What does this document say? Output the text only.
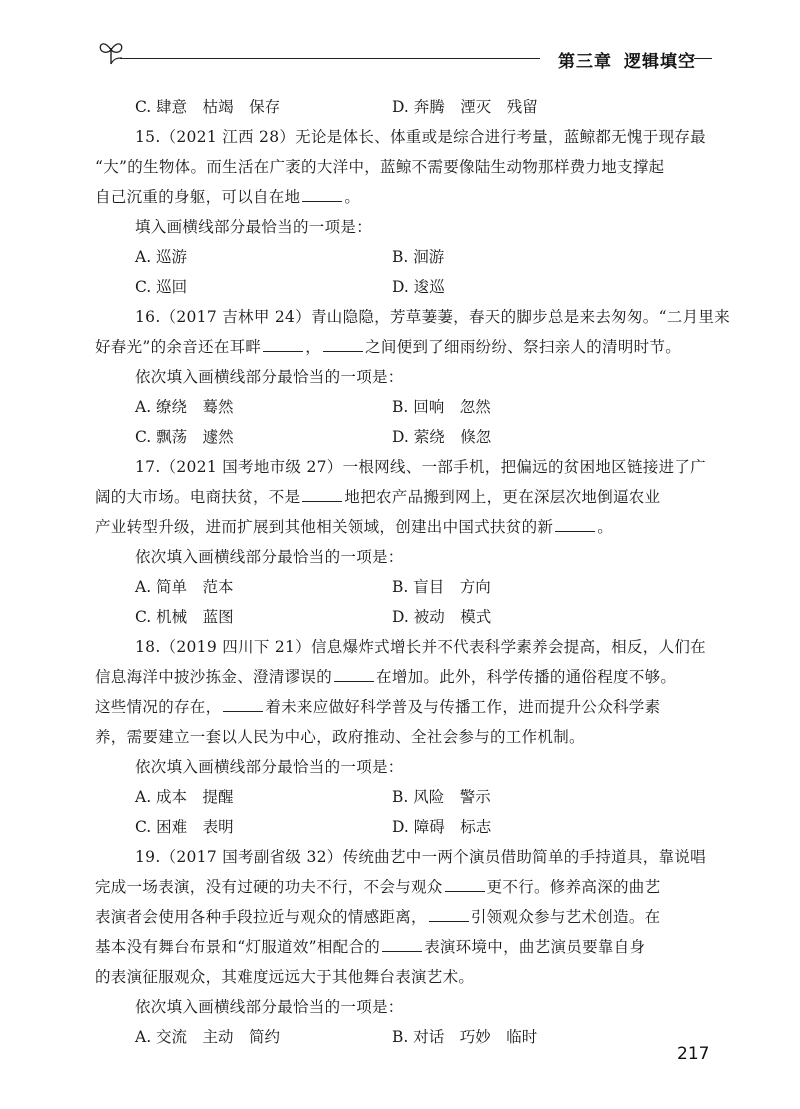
第三章 逻辑填空
C. 肆意　枯竭　保存	D. 奔腾　湮灭　残留
15.（2021 江西 28）无论是体长、体重或是综合进行考量，蓝鲸都无愧于现存最
“大”的生物体。而生活在广袤的大洋中，蓝鲸不需要像陆生动物那样费力地支撑起
自己沉重的身躯，可以自在地	。
填入画横线部分最恰当的一项是：
A. 巡游	B. 洄游
C. 巡回	D. 逡巡
16.（2017 吉林甲 24）青山隐隐，芳草萋萋，春天的脚步总是来去匆匆。“二月里来
好春光”的余音还在耳畔	，	之间便到了细雨纷纷、祭扫亲人的清明时节。
依次填入画横线部分最恰当的一项是：
A. 缭绕　蓦然	B. 回响　忽然
C. 飘荡　遽然	D. 萦绕　倏忽
17.（2021 国考地市级 27）一根网线、一部手机，把偏远的贫困地区链接进了广
阔的大市场。电商扶贫，不是	地把农产品搬到网上，更在深层次地倒逼农业
产业转型升级，进而扩展到其他相关领域，创建出中国式扶贫的新	。
依次填入画横线部分最恰当的一项是：
A. 简单　范本	B. 盲目　方向
C. 机械　蓝图	D. 被动　模式
18.（2019 四川下 21）信息爆炸式增长并不代表科学素养会提高，相反，人们在
信息海洋中披沙拣金、澄清谬误的	在增加。此外，科学传播的通俗程度不够。
这些情况的存在，	着未来应做好科学普及与传播工作，进而提升公众科学素
养，需要建立一套以人民为中心，政府推动、全社会参与的工作机制。
依次填入画横线部分最恰当的一项是：
A. 成本　提醒	B. 风险　警示
C. 困难　表明	D. 障碍　标志
19.（2017 国考副省级 32）传统曲艺中一两个演员借助简单的手持道具，靠说唱
完成一场表演，没有过硬的功夫不行，不会与观众	更不行。修养高深的曲艺
表演者会使用各种手段拉近与观众的情感距离，	引领观众参与艺术创造。在
基本没有舞台布景和“灯服道效”相配合的	表演环境中，曲艺演员要靠自身
的表演征服观众，其难度远远大于其他舞台表演艺术。
依次填入画横线部分最恰当的一项是：
A. 交流　主动　简约	B. 对话　巧妙　临时
217
